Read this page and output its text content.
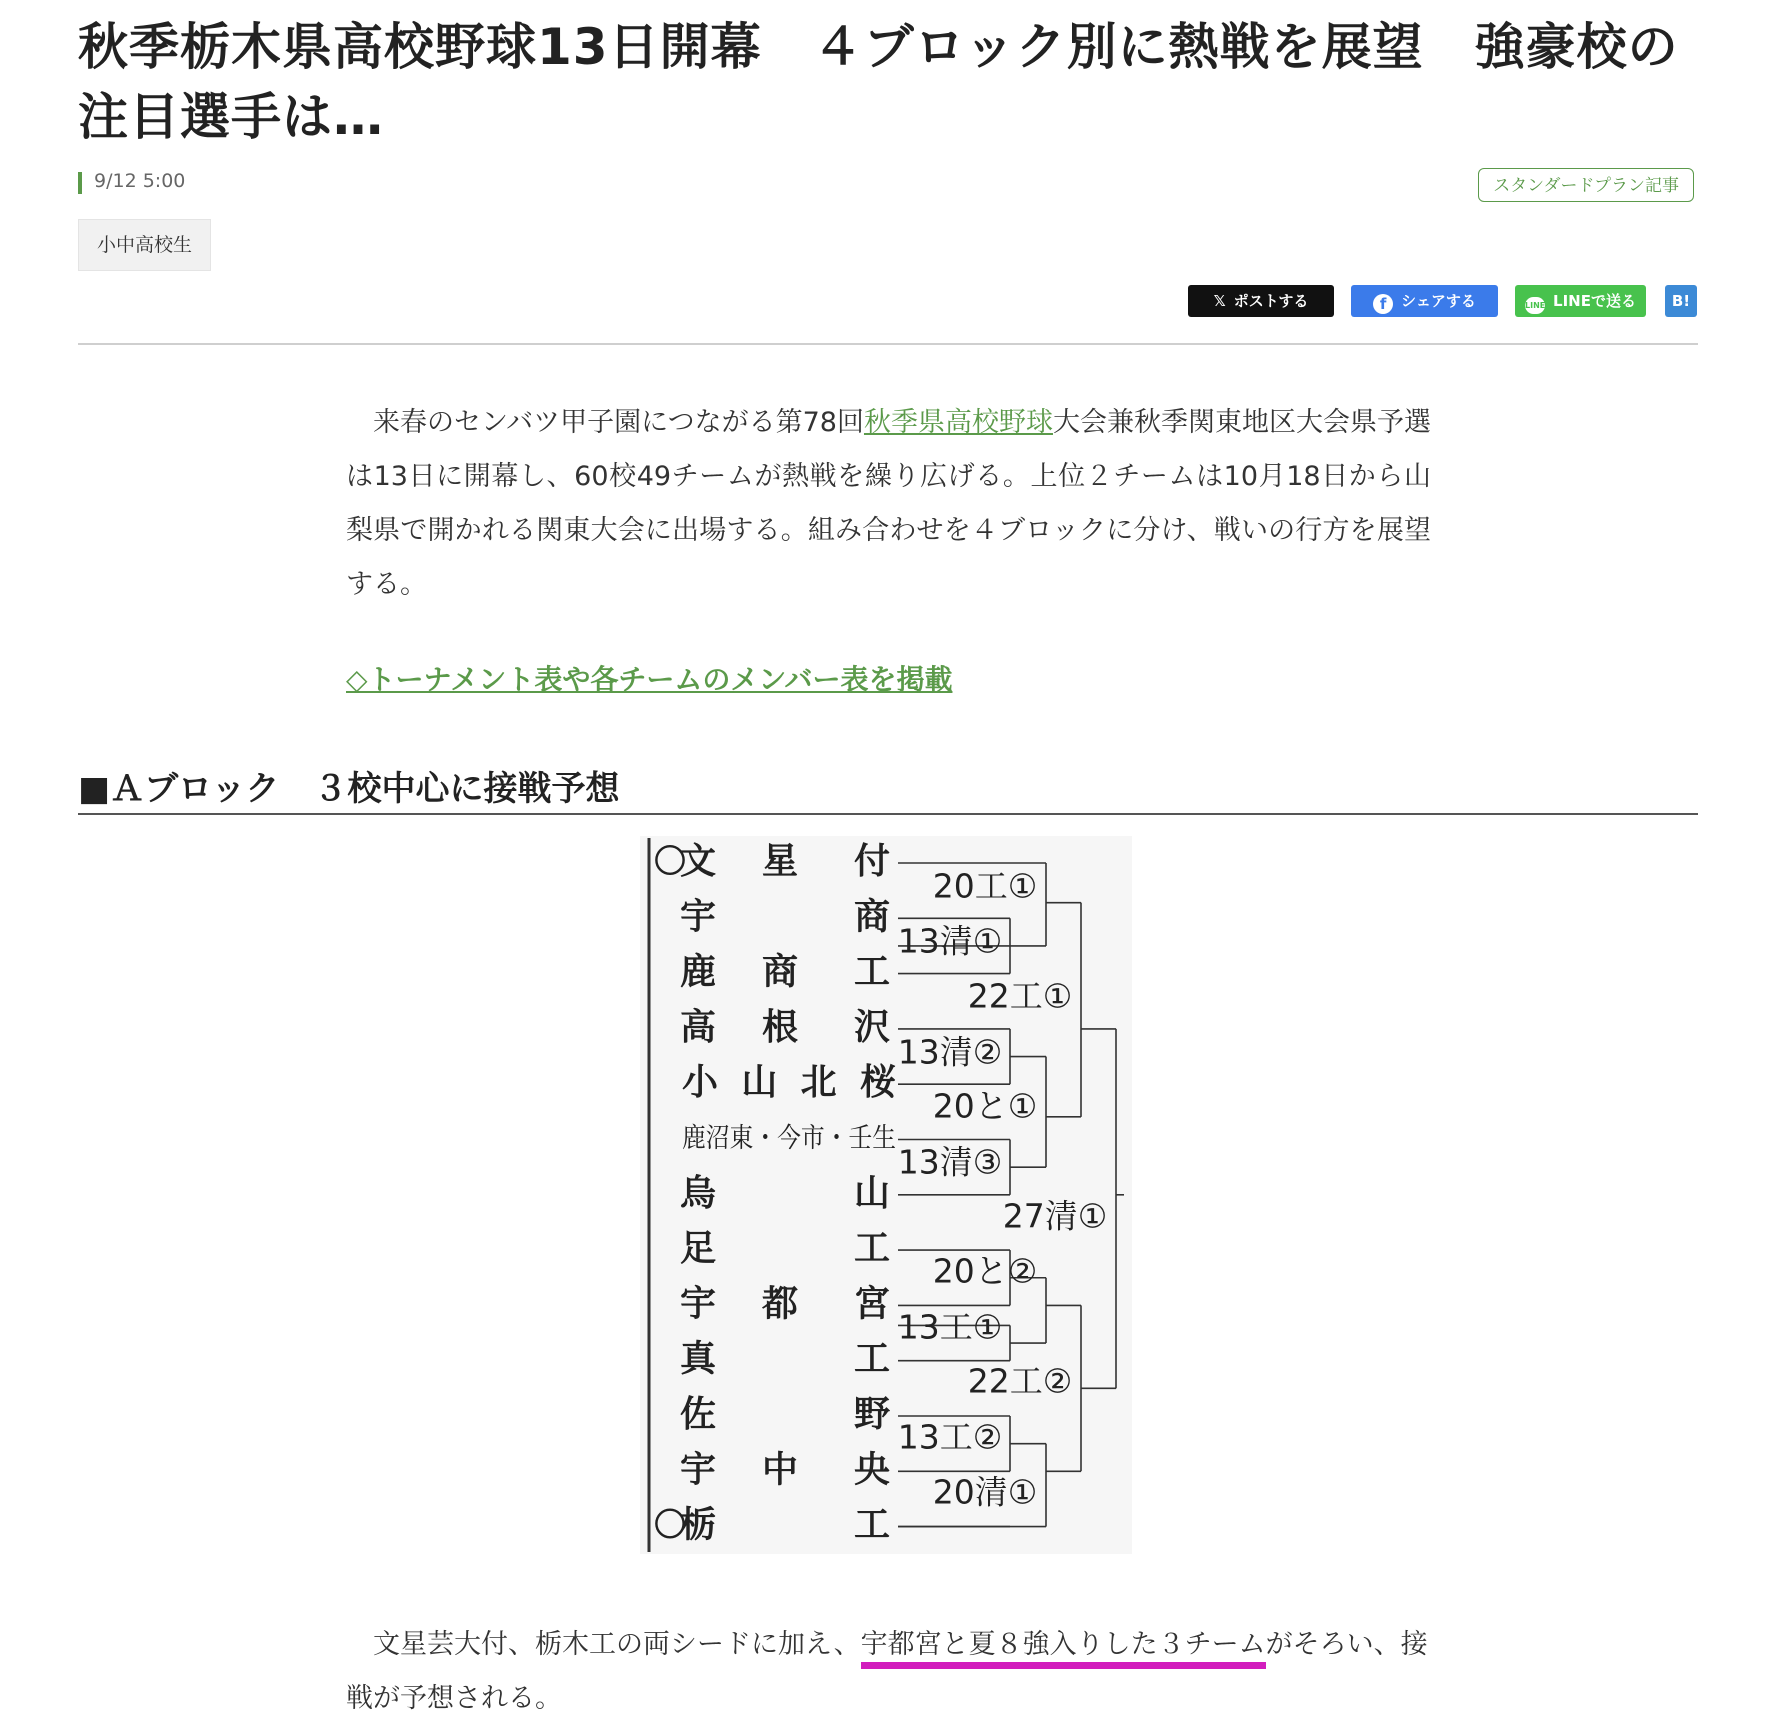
秋季栃木県高校野球13日開幕　４ブロック別に熱戦を展望　強豪校の注目選手は…
9/12 5:00	スタンダードプラン記事
小中高校生
𝕏 ポストする	f シェアする	LINE LINEで送る	B!
　来春のセンバツ甲子園につながる第78回秋季県高校野球大会兼秋季関東地区大会県予選は13日に開幕し、60校49チームが熱戦を繰り広げる。上位２チームは10月18日から山梨県で開かれる関東大会に出場する。組み合わせを４ブロックに分け、戦いの行方を展望する。
◇トーナメント表や各チームのメンバー表を掲載
■Ａブロック　３校中心に接戦予想
〇
文 星 付
宇	商
鹿 商 工
高 根 沢
小山北桜
鹿沼東・今市・壬生
烏	山
足	工
宇 都 宮
真	工
佐	野
宇 中 央
〇
栃	工
20工①
13清①
22工①
13清②
20と①
13清③
27清①
20と②
13工①
22工②
13工②
20清①
　文星芸大付、栃木工の両シードに加え、宇都宮と夏８強入りした３チームがそろい、接戦が予想される。
